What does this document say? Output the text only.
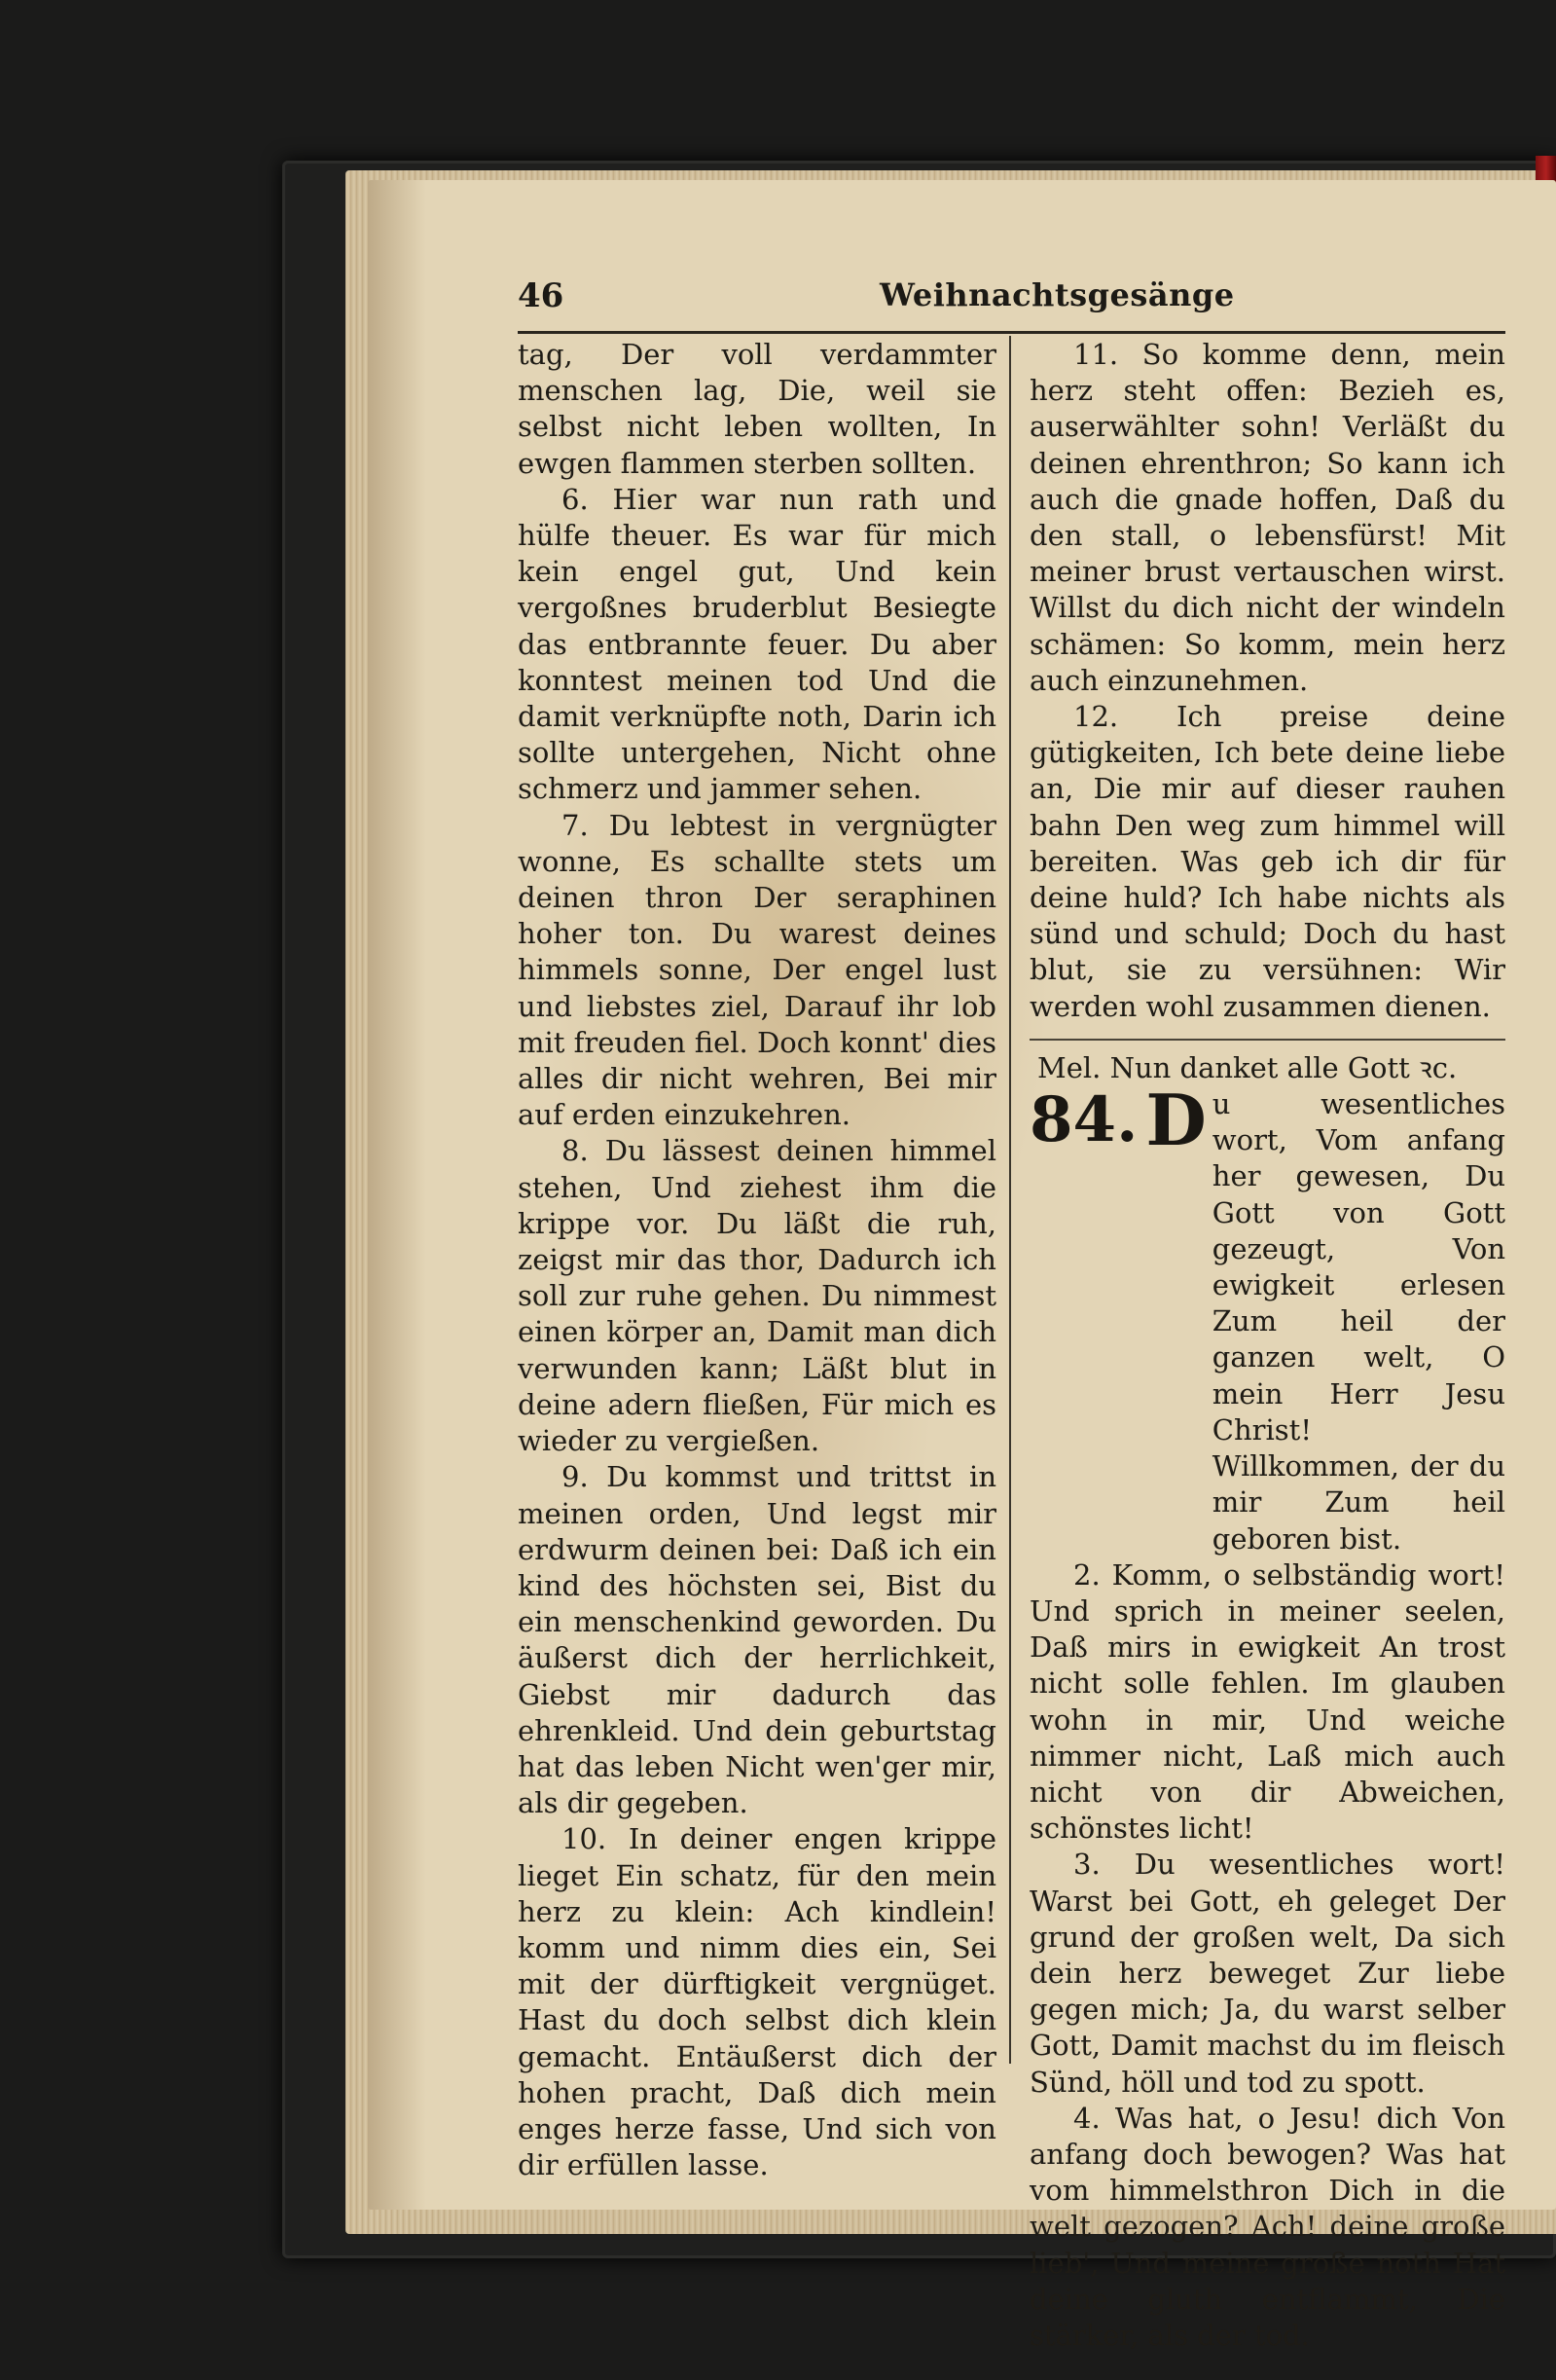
46	Weihnachtsgesänge

tag, Der voll verdammter menschen lag, Die, weil sie selbst nicht leben wollten, In ewgen flammen sterben sollten.

6. Hier war nun rath und hülfe theuer. Es war für mich kein engel gut, Und kein vergoßnes bruderblut Besiegte das entbrannte feuer. Du aber konntest meinen tod Und die damit verknüpfte noth, Darin ich sollte untergehen, Nicht ohne schmerz und jammer sehen.

7. Du lebtest in vergnügter wonne, Es schallte stets um deinen thron Der seraphinen hoher ton. Du warest deines himmels sonne, Der engel lust und liebstes ziel, Darauf ihr lob mit freuden fiel. Doch konnt' dies alles dir nicht wehren, Bei mir auf erden einzukehren.

8. Du lässest deinen himmel stehen, Und ziehest ihm die krippe vor. Du läßt die ruh, zeigst mir das thor, Dadurch ich soll zur ruhe gehen. Du nimmest einen körper an, Damit man dich verwunden kann; Läßt blut in deine adern fließen, Für mich es wieder zu vergießen.

9. Du kommst und trittst in meinen orden, Und legst mir erdwurm deinen bei: Daß ich ein kind des höchsten sei, Bist du ein menschenkind geworden. Du äußerst dich der herrlichkeit, Giebst mir dadurch das ehrenkleid. Und dein geburtstag hat das leben Nicht wen'ger mir, als dir gegeben.

10. In deiner engen krippe lieget Ein schatz, für den mein herz zu klein: Ach kindlein! komm und nimm dies ein, Sei mit der dürftigkeit vergnüget. Hast du doch selbst dich klein gemacht. Entäußerst dich der hohen pracht, Daß dich mein enges herze fasse, Und sich von dir erfüllen lasse.

11. So komme denn, mein herz steht offen: Bezieh es, auserwählter sohn! Verläßt du deinen ehrenthron; So kann ich auch die gnade hoffen, Daß du den stall, o lebensfürst! Mit meiner brust vertauschen wirst. Willst du dich nicht der windeln schämen: So komm, mein herz auch einzunehmen.

12. Ich preise deine gütigkeiten, Ich bete deine liebe an, Die mir auf dieser rauhen bahn Den weg zum himmel will bereiten. Was geb ich dir für deine huld? Ich habe nichts als sünd und schuld; Doch du hast blut, sie zu versühnen: Wir werden wohl zusammen dienen.

Mel. Nun danket alle Gott ꝛc.

84. D u wesentliches wort, Vom anfang her gewesen, Du Gott von Gott gezeugt, Von ewigkeit erlesen Zum heil der ganzen welt, O mein Herr Jesu Christ! Willkommen, der du mir Zum heil geboren bist.

2. Komm, o selbständig wort! Und sprich in meiner seelen, Daß mirs in ewigkeit An trost nicht solle fehlen. Im glauben wohn in mir, Und weiche nimmer nicht, Laß mich auch nicht von dir Abweichen, schönstes licht!

3. Du wesentliches wort! Warst bei Gott, eh geleget Der grund der großen welt, Da sich dein herz beweget Zur liebe gegen mich; Ja, du warst selber Gott, Damit machst du im fleisch Sünd, höll und tod zu spott.

4. Was hat, o Jesu! dich Von anfang doch bewogen? Was hat vom himmelsthron Dich in die welt gezogen? Ach! deine große lieb', Und meine große noth Hat deine gluth entflammt, Die stärker, als der tod.
